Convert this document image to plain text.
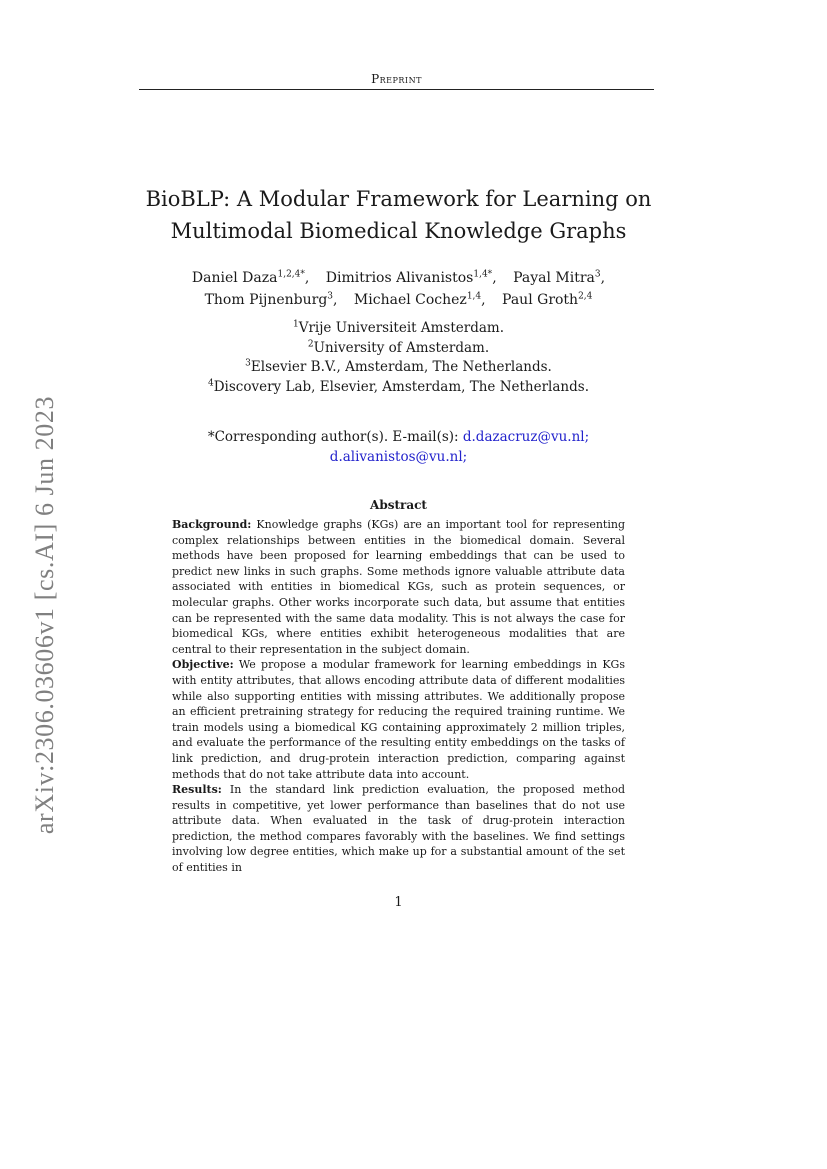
Preprint
arXiv:2306.03606v1 [cs.AI] 6 Jun 2023
BioBLP: A Modular Framework for Learning on
Multimodal Biomedical Knowledge Graphs
Daniel Daza$^{1,2,4*}$, Dimitrios Alivanistos$^{1,4*}$, Payal Mitra$^3$,
Thom Pijnenburg$^3$, Michael Cochez$^{1,4}$, Paul Groth$^{2,4}$
$^1$Vrije Universiteit Amsterdam.
$^2$University of Amsterdam.
$^3$Elsevier B.V., Amsterdam, The Netherlands.
$^4$Discovery Lab, Elsevier, Amsterdam, The Netherlands.
*Corresponding author(s). E-mail(s): d.dazacruz@vu.nl;
d.alivanistos@vu.nl;
Abstract

Background: Knowledge graphs (KGs) are an important tool for representing complex relationships between entities in the biomedical domain. Several methods have been proposed for learning embeddings that can be used to predict new links in such graphs. Some methods ignore valuable attribute data associated with entities in biomedical KGs, such as protein sequences, or molecular graphs. Other works incorporate such data, but assume that entities can be represented with the same data modality. This is not always the case for biomedical KGs, where entities exhibit heterogeneous modalities that are central to their representation in the subject domain.

Objective: We propose a modular framework for learning embeddings in KGs with entity attributes, that allows encoding attribute data of different modalities while also supporting entities with missing attributes. We additionally propose an efficient pretraining strategy for reducing the required training runtime. We train models using a biomedical KG containing approximately 2 million triples, and evaluate the performance of the resulting entity embeddings on the tasks of link prediction, and drug-protein interaction prediction, comparing against methods that do not take attribute data into account.

Results: In the standard link prediction evaluation, the proposed method results in competitive, yet lower performance than baselines that do not use attribute data. When evaluated in the task of drug-protein interaction prediction, the method compares favorably with the baselines. We find settings involving low degree entities, which make up for a substantial amount of the set of entities in

1
